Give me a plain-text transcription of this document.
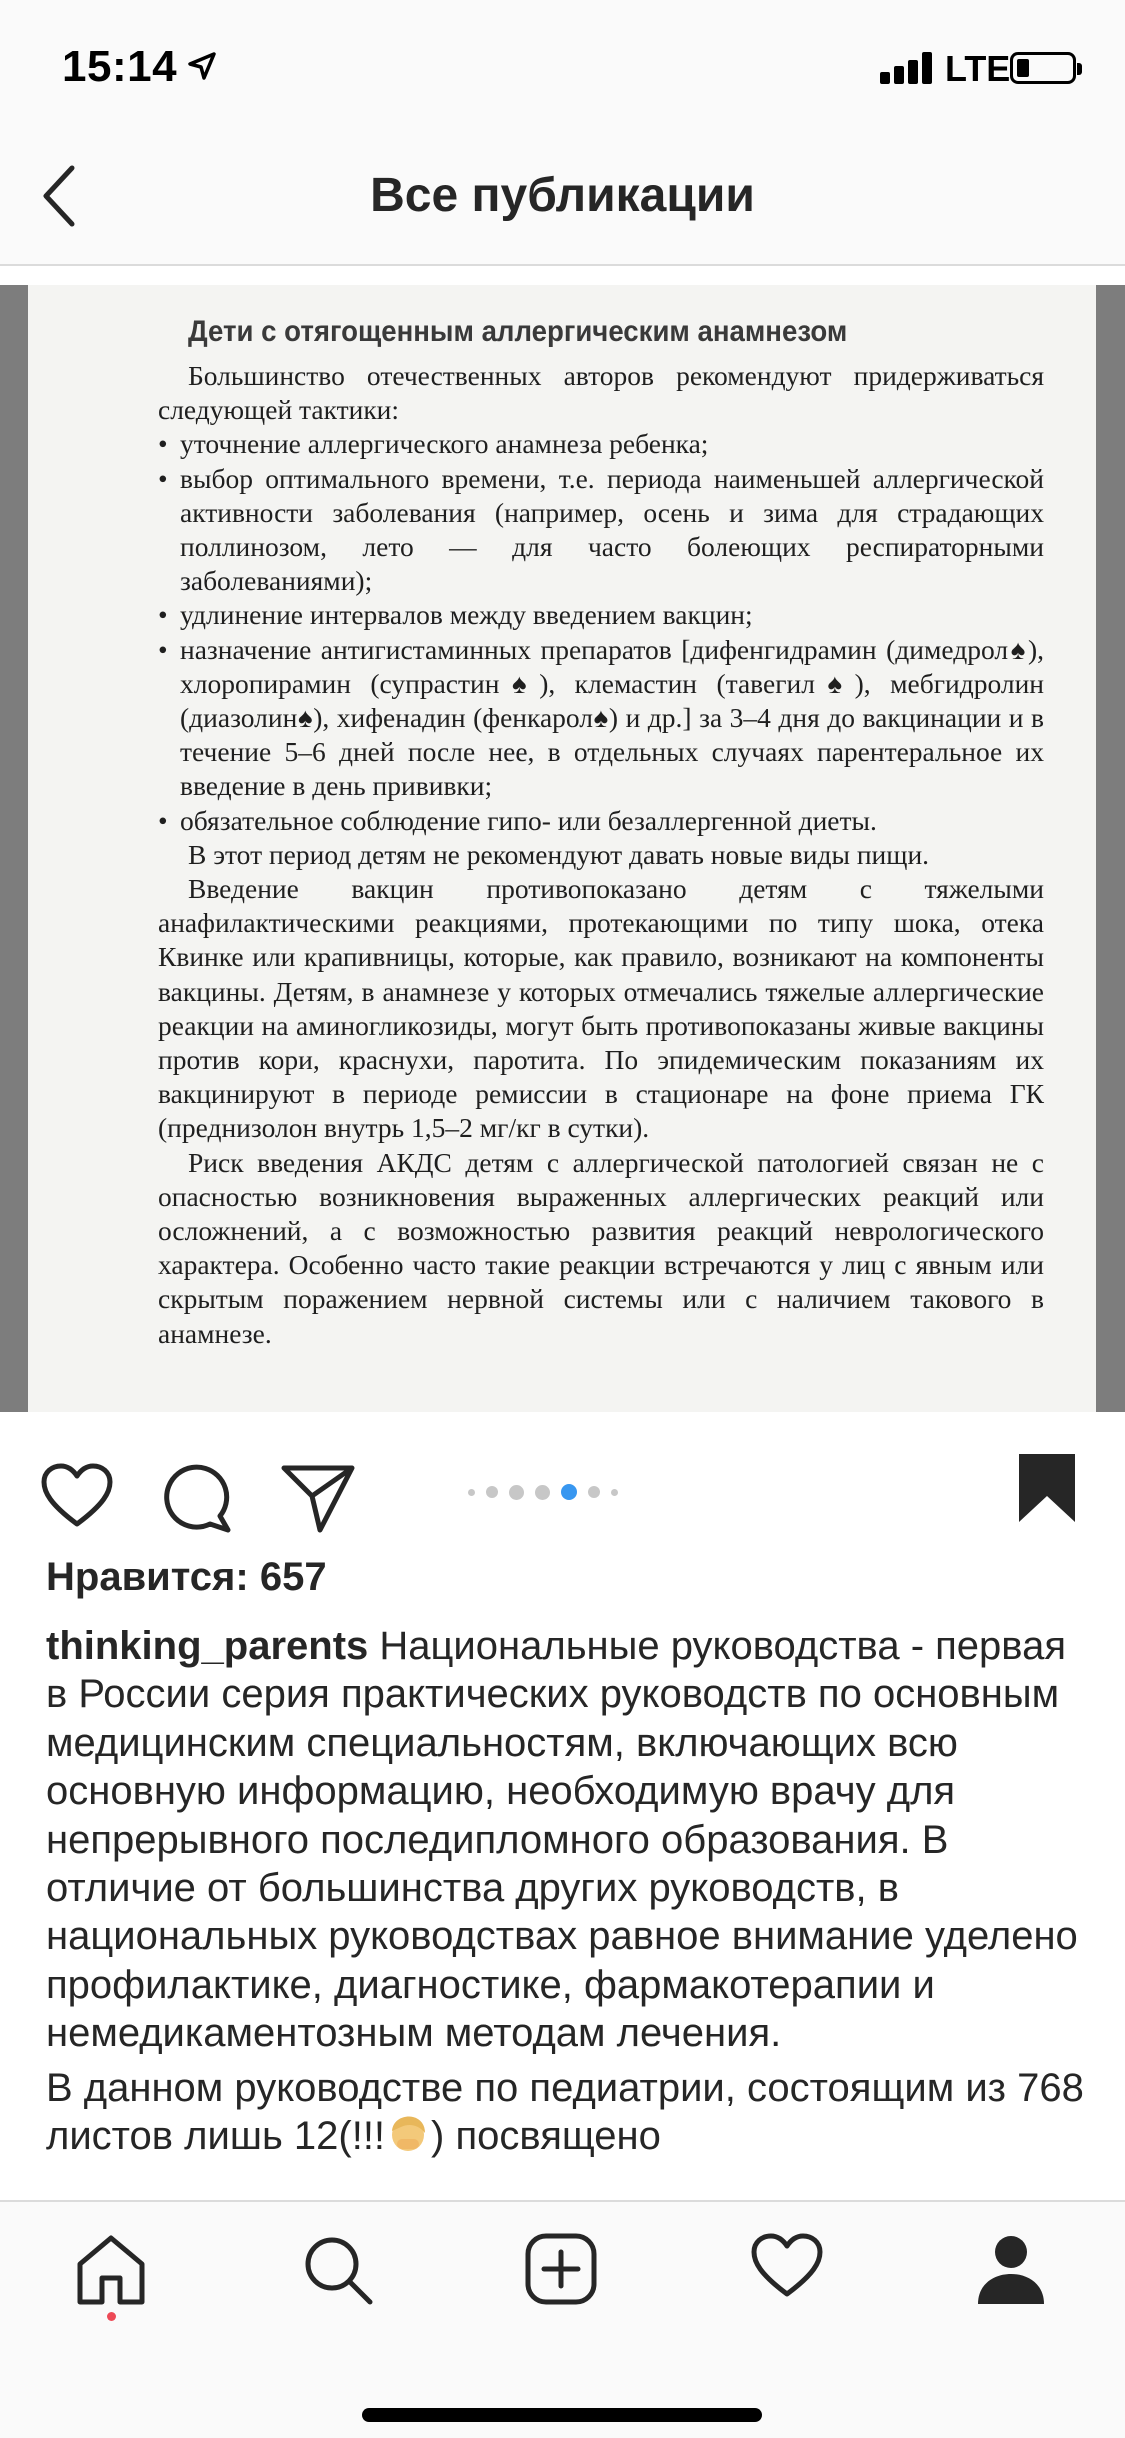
15:14	LTE
Все публикации
Дети с отягощенным аллергическим анамнезом

Большинство отечественных авторов рекомендуют придерживаться следующей тактики:

• уточнение аллергического анамнеза ребенка;
• выбор оптимального времени, т.е. периода наименьшей аллергической активности заболевания (например, осень и зима для страдающих поллинозом, лето — для часто болеющих респираторными заболеваниями);
• удлинение интервалов между введением вакцин;
• назначение антигистаминных препаратов [дифенгидрамин (димедрол♠), хлоропирамин (супрастин♠), клемастин (тавегил♠), мебгидролин (диазолин♠), хифенадин (фенкарол♠) и др.] за 3–4 дня до вакцинации и в течение 5–6 дней после нее, в отдельных случаях парентеральное их введение в день прививки;
• обязательное соблюдение гипо- или безаллергенной диеты.

В этот период детям не рекомендуют давать новые виды пищи.

Введение вакцин противопоказано детям с тяжелыми анафилактическими реакциями, протекающими по типу шока, отека Квинке или крапивницы, которые, как правило, возникают на компоненты вакцины. Детям, в анамнезе у которых отмечались тяжелые аллергические реакции на аминогликозиды, могут быть противопоказаны живые вакцины против кори, краснухи, паротита. По эпидемическим показаниям их вакцинируют в периоде ремиссии в стационаре на фоне приема ГК (преднизолон внутрь 1,5–2 мг/кг в сутки).

Риск введения АКДС детям с аллергической патологией связан не с опасностью возникновения выраженных аллергических реакций или осложнений, а с возможностью развития реакций неврологического характера. Особенно часто такие реакции встречаются у лиц с явным или скрытым поражением нервной системы или с наличием такового в анамнезе.

Нравится: 657

thinking_parents Национальные руководства - первая в России серия практических руководств по основным медицинским специальностям, включающих всю основную информацию, необходимую врачу для непрерывного последипломного образования. В отличие от большинства других руководств, в национальных руководствах равное внимание уделено профилактике, диагностике, фармакотерапии и немедикаментозным методам лечения.

В данном руководстве по педиатрии, состоящим из 768 листов лишь 12(!!! ) посвящено
